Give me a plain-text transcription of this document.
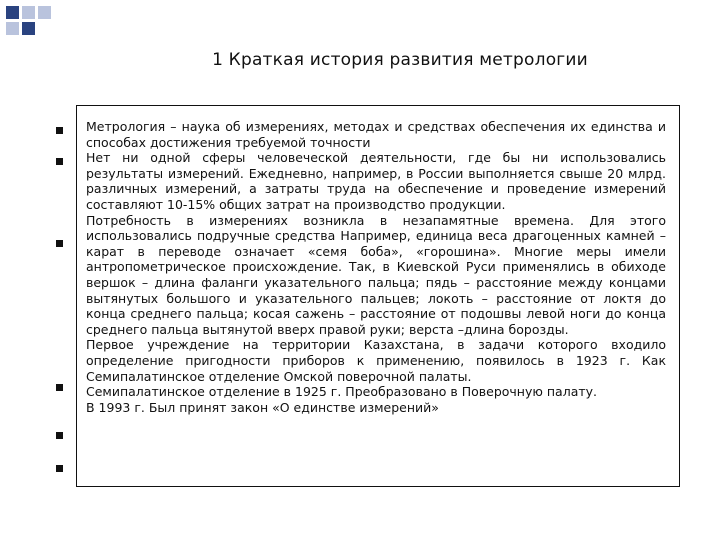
1 Краткая история развития метрологии

Метрология – наука об измерениях, методах и средствах обеспечения их единства и способах достижения требуемой точности

Нет ни одной сферы человеческой деятельности, где бы ни использовались результаты измерений. Ежедневно, например, в России выполняется свыше 20 млрд. различных измерений, а затраты труда на обеспечение и проведение измерений составляют 10-15% общих затрат на производство продукции.

Потребность в измерениях возникла в незапамятные времена. Для этого использовались подручные средства Например, единица веса драгоценных камней – карат в переводе означает «семя боба», «горошина». Многие меры имели антропометрическое происхождение. Так, в Киевской Руси применялись в обиходе вершок – длина фаланги указательного пальца; пядь – расстояние между концами вытянутых большого и указательного пальцев; локоть – расстояние от локтя до конца среднего пальца; косая сажень – расстояние от подошвы левой ноги до конца среднего пальца вытянутой вверх правой руки; верста –длина борозды.

Первое учреждение на территории Казахстана, в задачи которого входило определение пригодности приборов к применению, появилось в 1923 г. Как Семипалатинское отделение Омской поверочной палаты.

Семипалатинское отделение в 1925 г. Преобразовано в Поверочную палату.

В 1993 г. Был принят закон «О единстве измерений»
